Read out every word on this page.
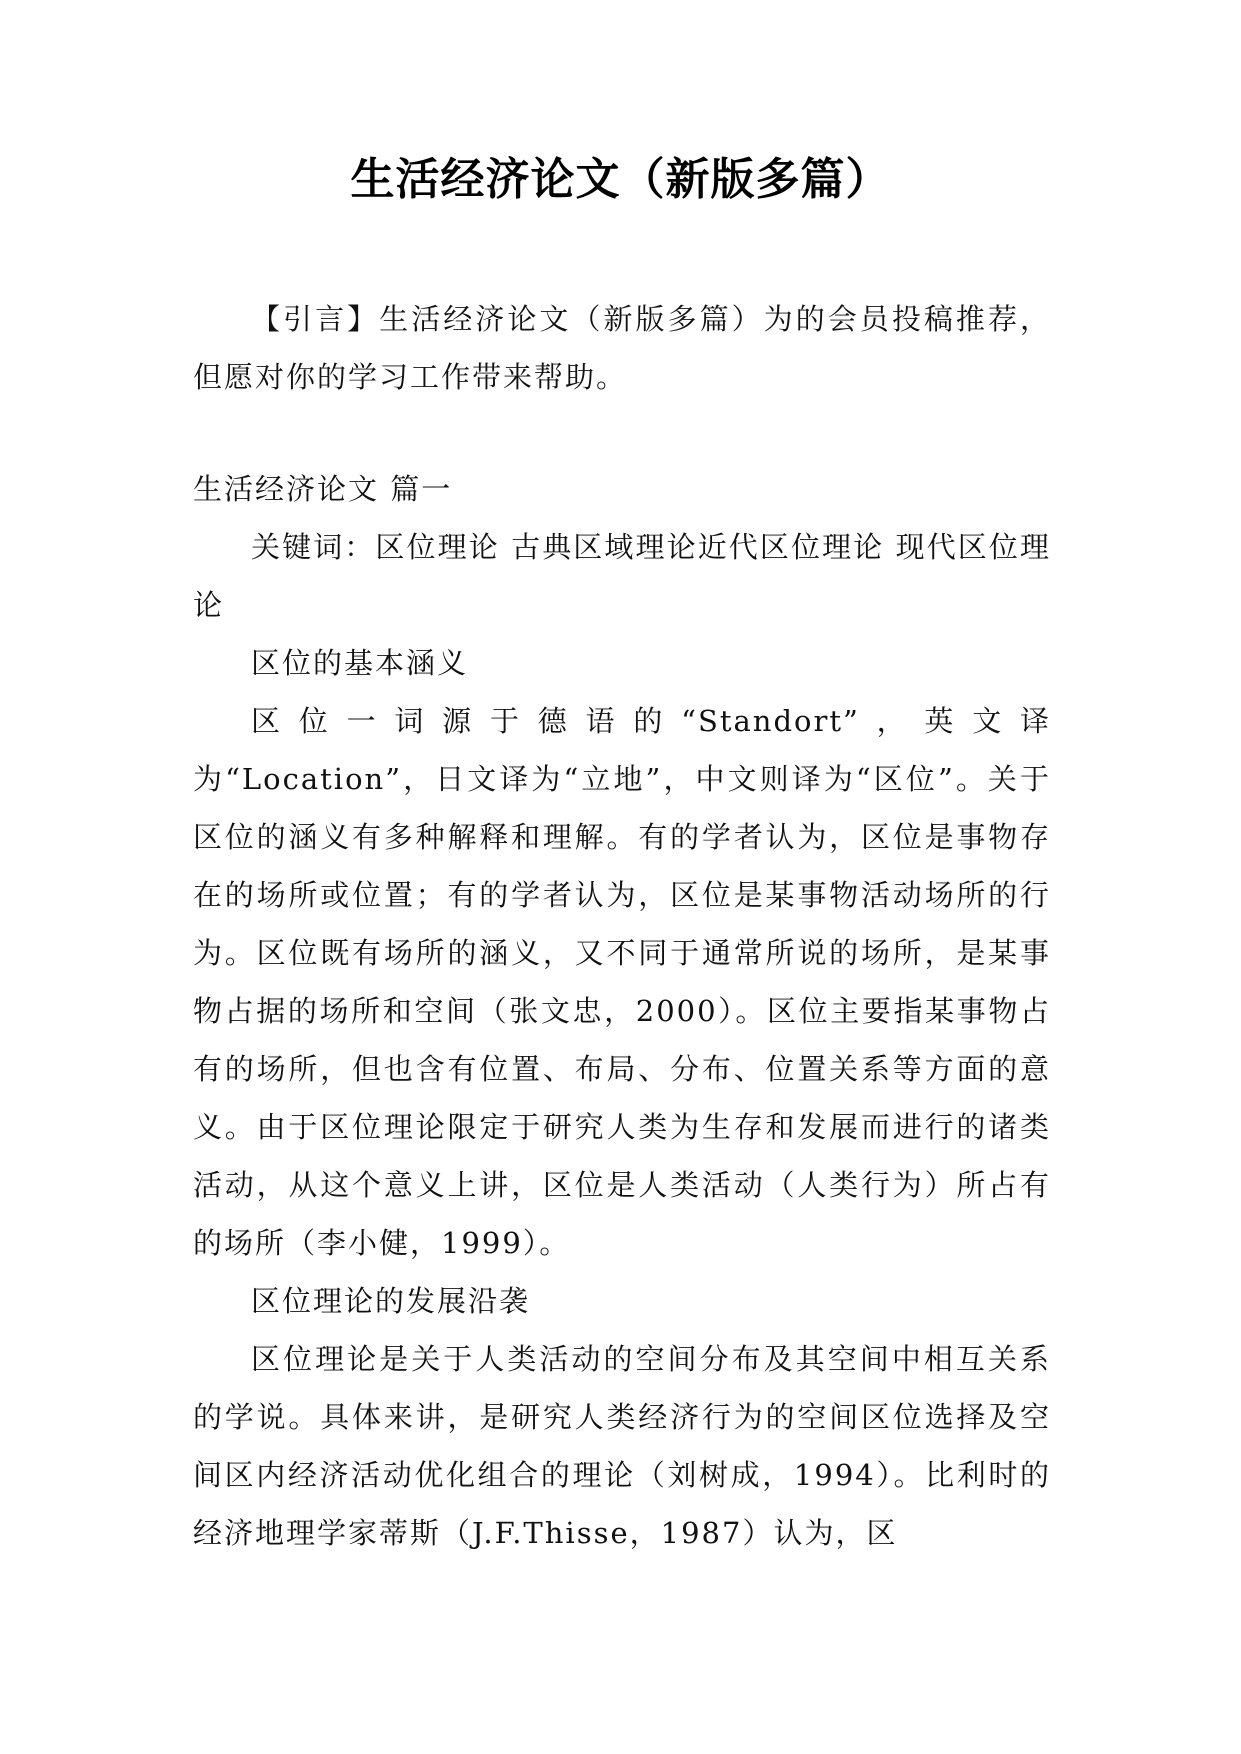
生活经济论文（新版多篇）

【引言】生活经济论文（新版多篇）为的会员投稿推荐，但愿对你的学习工作带来帮助。

生活经济论文 篇一

关键词：区位理论 古典区域理论近代区位理论 现代区位理论

区位的基本涵义

区位一词源于德语的“Standort”，英文译为“Location”，日文译为“立地”，中文则译为“区位”。关于区位的涵义有多种解释和理解。有的学者认为，区位是事物存在的场所或位置；有的学者认为，区位是某事物活动场所的行为。区位既有场所的涵义，又不同于通常所说的场所，是某事物占据的场所和空间（张文忠，2000）。区位主要指某事物占有的场所，但也含有位置、布局、分布、位置关系等方面的意义。由于区位理论限定于研究人类为生存和发展而进行的诸类活动，从这个意义上讲，区位是人类活动（人类行为）所占有的场所（李小健，1999）。

区位理论的发展沿袭

区位理论是关于人类活动的空间分布及其空间中相互关系的学说。具体来讲，是研究人类经济行为的空间区位选择及空间区内经济活动优化组合的理论（刘树成，1994）。比利时的经济地理学家蒂斯（J.F.Thisse，1987）认为，区
